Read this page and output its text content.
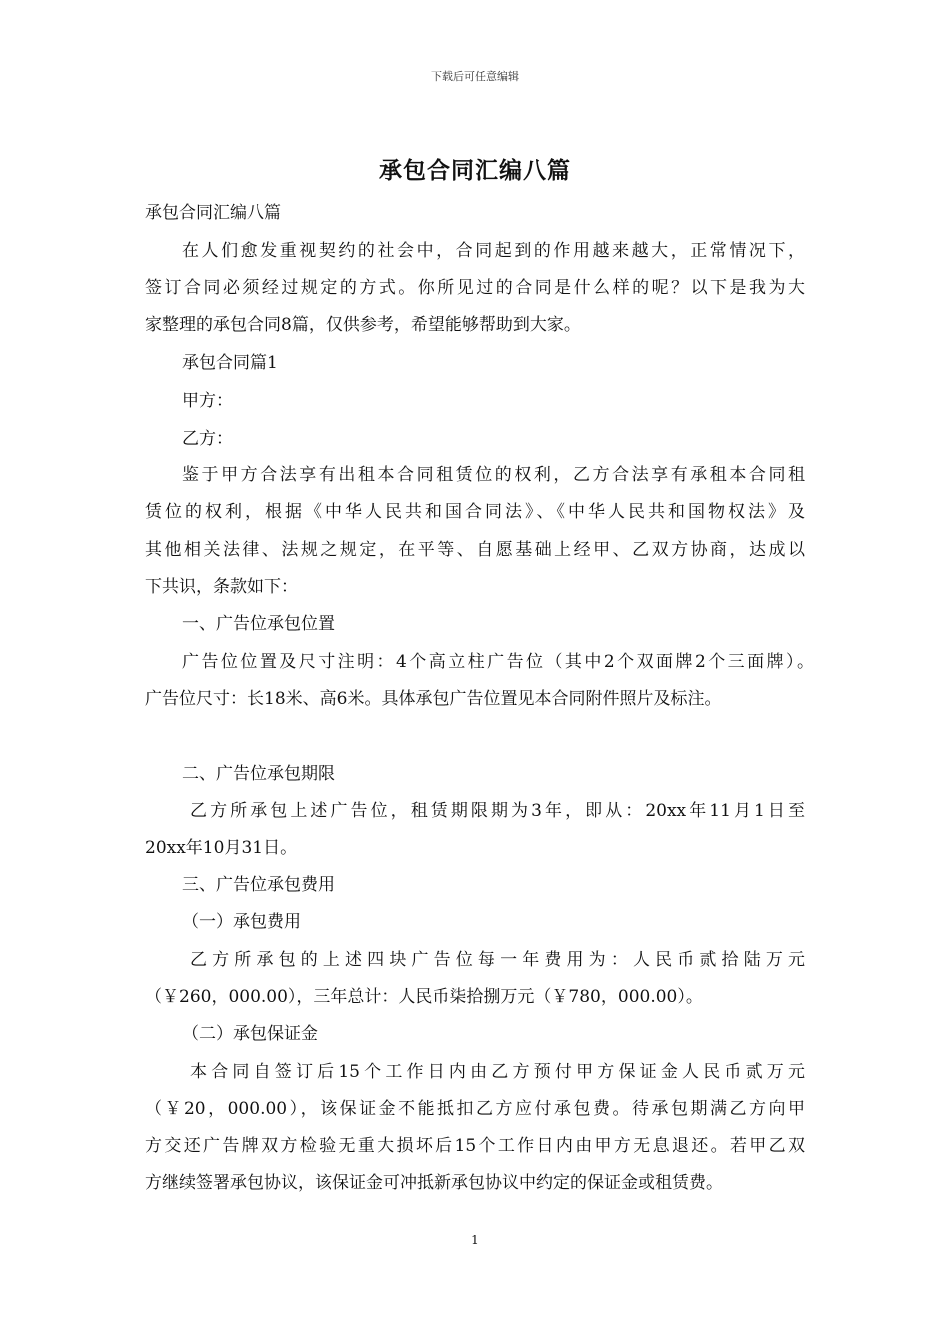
下载后可任意编辑
承包合同汇编八篇
承包合同汇编八篇
在人们愈发重视契约的社会中，合同起到的作用越来越大，正常情况下，
签订合同必须经过规定的方式。你所见过的合同是什么样的呢？以下是我为大
家整理的承包合同8篇，仅供参考，希望能够帮助到大家。
承包合同篇1
甲方：
乙方：
鉴于甲方合法享有出租本合同租赁位的权利，乙方合法享有承租本合同租
赁位的权利，根据《中华人民共和国合同法》、《中华人民共和国物权法》及
其他相关法律、法规之规定，在平等、自愿基础上经甲、乙双方协商，达成以
下共识，条款如下：
一、广告位承包位置
广告位位置及尺寸注明：4个高立柱广告位（其中2个双面牌2个三面牌）。
广告位尺寸：长18米、高6米。具体承包广告位置见本合同附件照片及标注。
二、广告位承包期限
乙方所承包上述广告位，租赁期限期为3年，即从：20xx年11月1日至
20xx年10月31日。
三、广告位承包费用
（一）承包费用
乙方所承包的上述四块广告位每一年费用为：人民币贰拾陆万元
（￥260，000.00），三年总计：人民币柒拾捌万元（￥780，000.00）。
（二）承包保证金
本合同自签订后15个工作日内由乙方预付甲方保证金人民币贰万元
（￥20，000.00），该保证金不能抵扣乙方应付承包费。待承包期满乙方向甲
方交还广告牌双方检验无重大损坏后15个工作日内由甲方无息退还。若甲乙双
方继续签署承包协议，该保证金可冲抵新承包协议中约定的保证金或租赁费。
1
